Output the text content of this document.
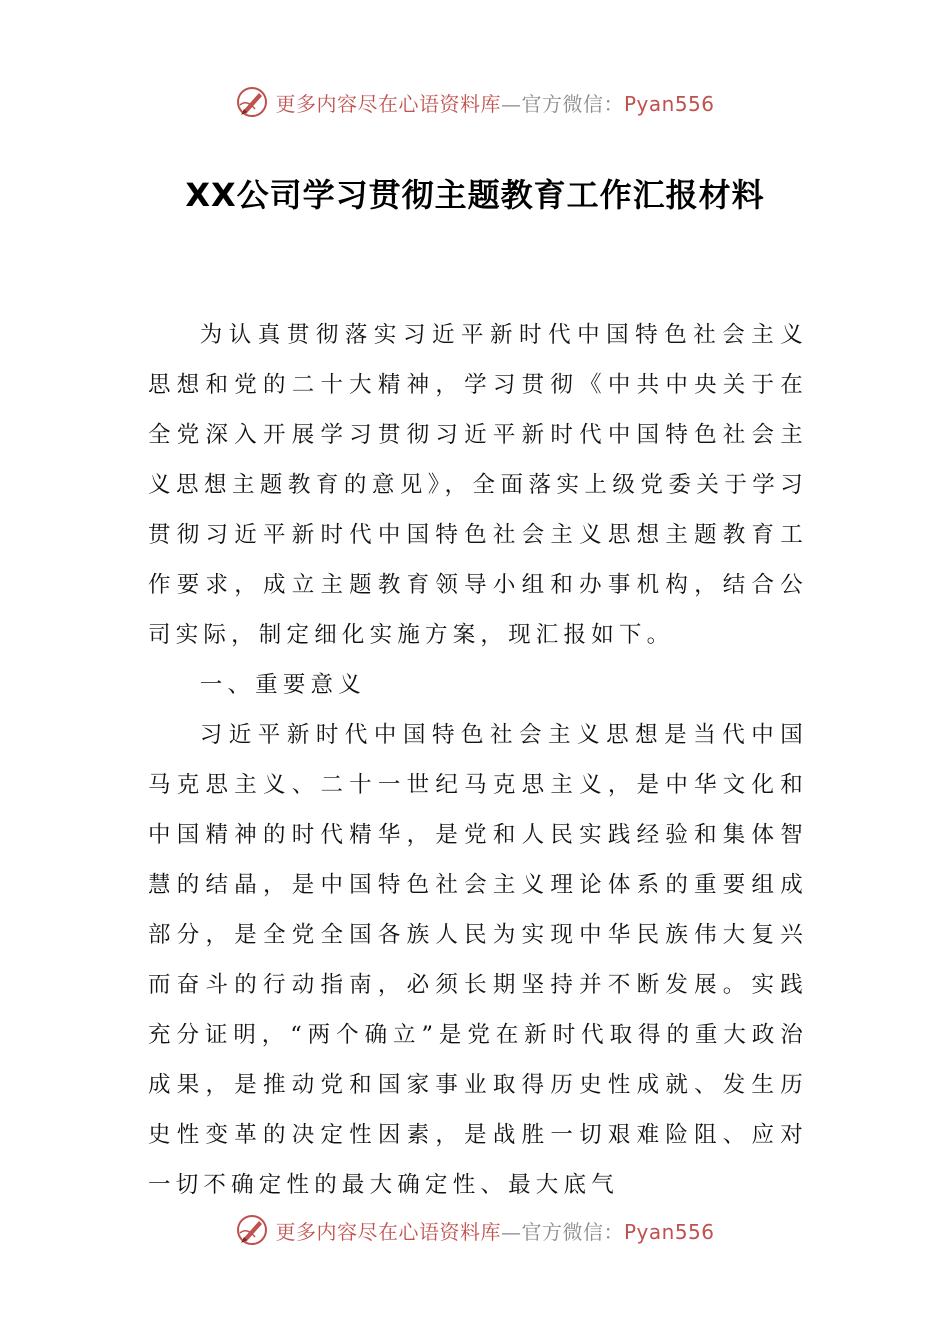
更多内容尽在心语资料库—官方微信：Pyan556
XX公司学习贯彻主题教育工作汇报材料

为认真贯彻落实习近平新时代中国特色社会主义思想和党的二十大精神，学习贯彻《中共中央关于在全党深入开展学习贯彻习近平新时代中国特色社会主义思想主题教育的意见》，全面落实上级党委关于学习贯彻习近平新时代中国特色社会主义思想主题教育工作要求，成立主题教育领导小组和办事机构，结合公司实际，制定细化实施方案，现汇报如下。

一、重要意义

习近平新时代中国特色社会主义思想是当代中国马克思主义、二十一世纪马克思主义，是中华文化和中国精神的时代精华，是党和人民实践经验和集体智慧的结晶，是中国特色社会主义理论体系的重要组成部分，是全党全国各族人民为实现中华民族伟大复兴而奋斗的行动指南，必须长期坚持并不断发展。实践充分证明，“两个确立”是党在新时代取得的重大政治成果，是推动党和国家事业取得历史性成就、发生历史性变革的决定性因素，是战胜一切艰难险阻、应对一切不确定性的最大确定性、最大底气

更多内容尽在心语资料库—官方微信：Pyan556
